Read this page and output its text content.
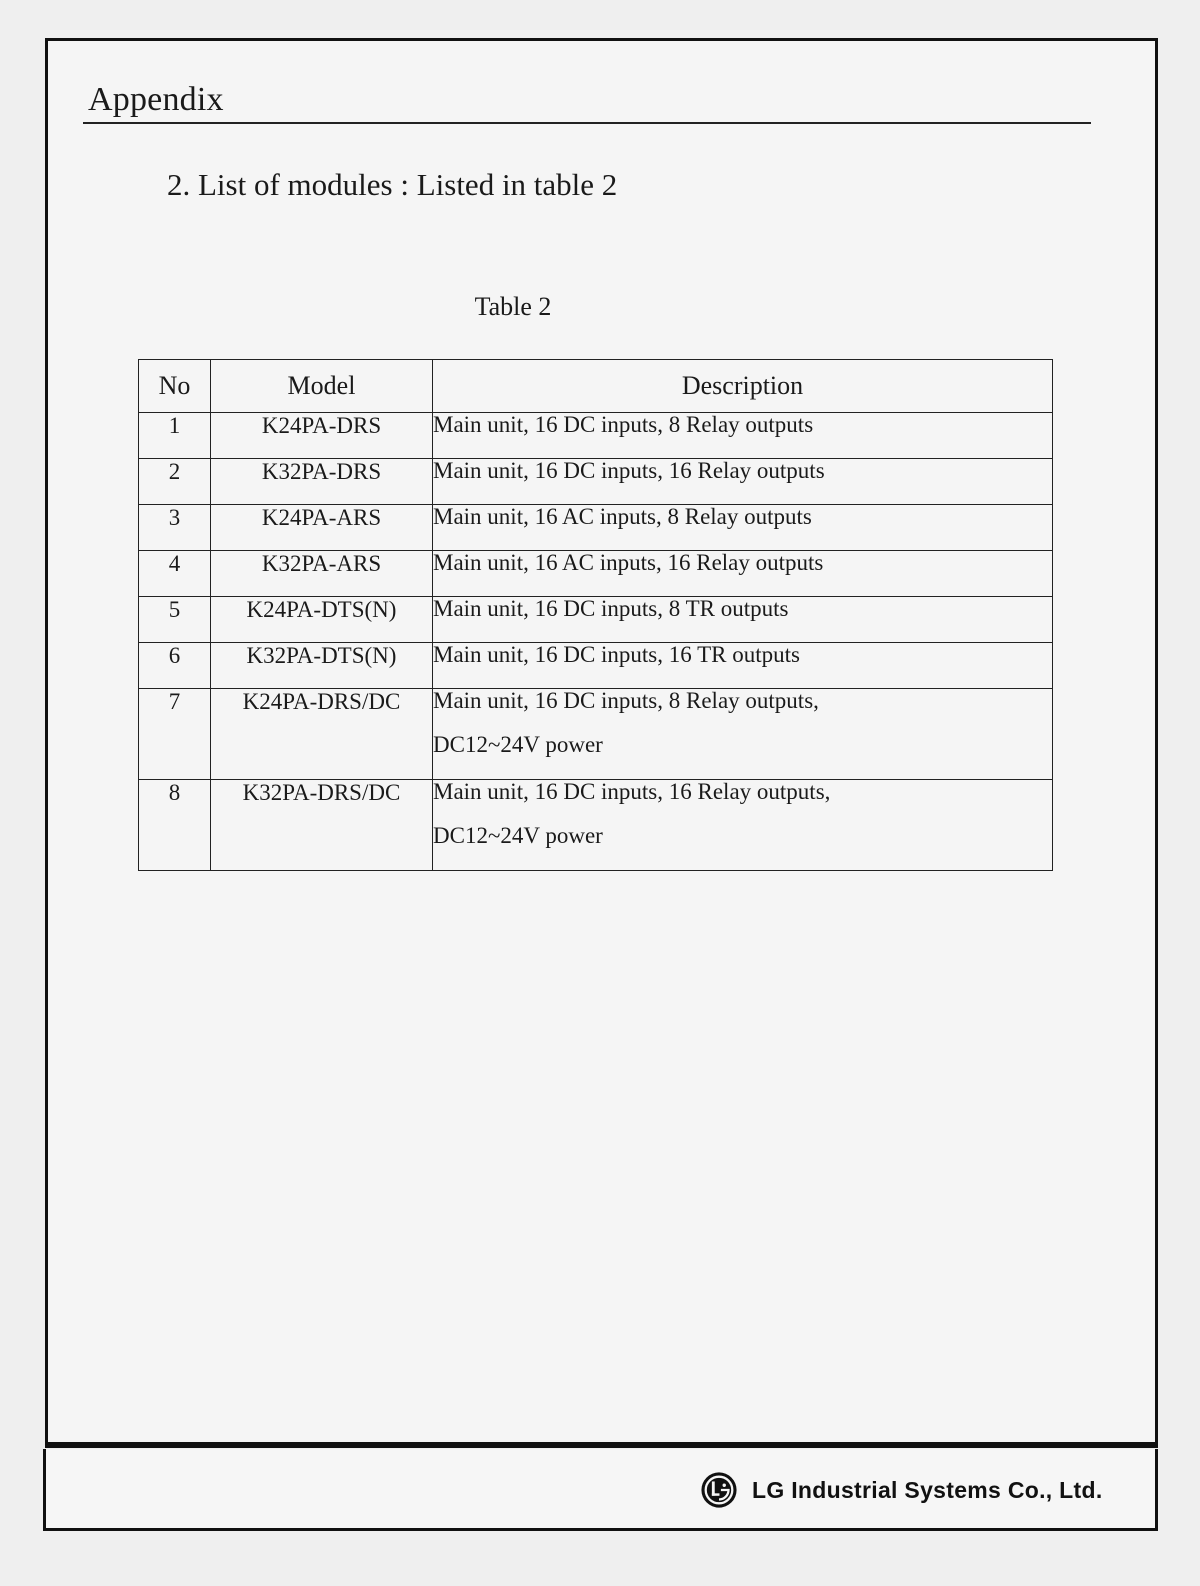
Appendix
2. List of modules : Listed in table 2
Table 2
No	Model	Description
1	K24PA-DRS	Main unit, 16 DC inputs, 8 Relay outputs

2	K32PA-DRS	Main unit, 16 DC inputs, 16 Relay outputs

3	K24PA-ARS	Main unit, 16 AC inputs, 8 Relay outputs

4	K32PA-ARS	Main unit, 16 AC inputs, 16 Relay outputs

5	K24PA-DTS(N)	Main unit, 16 DC inputs, 8 TR outputs

6	K32PA-DTS(N)	Main unit, 16 DC inputs, 16 TR outputs

7	K24PA-DRS/DC	Main unit, 16 DC inputs, 8 Relay outputs,
DC12~24V power

8	K32PA-DRS/DC	Main unit, 16 DC inputs, 16 Relay outputs,
DC12~24V power
LG Industrial Systems Co., Ltd.
